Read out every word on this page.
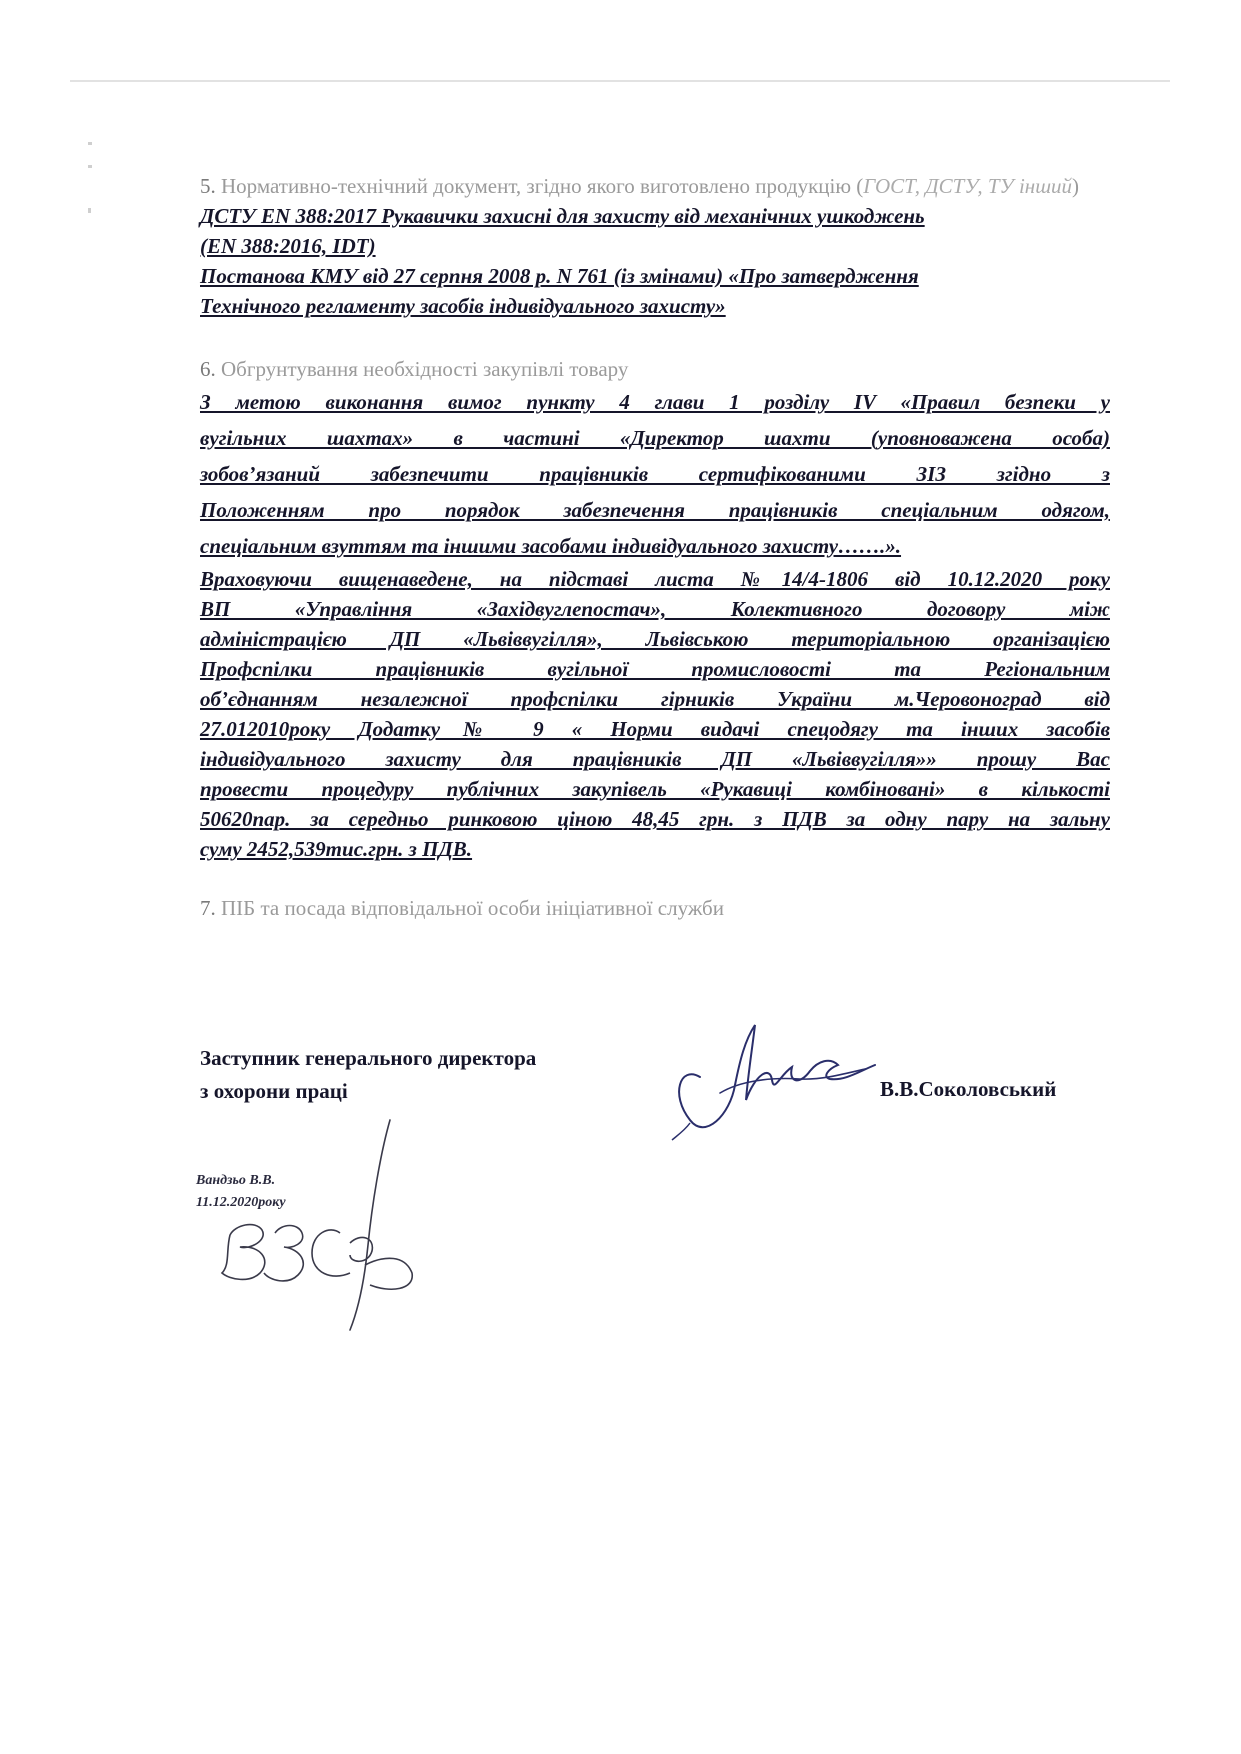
5. Нормативно-технічний документ, згідно якого виготовлено продукцію (ГОСТ, ДСТУ, ТУ інший)
ДСТУ EN 388:2017 Рукавички захисні для захисту від механічних ушкоджень
(EN 388:2016, IDT)
Постанова КМУ від 27 серпня 2008 р. N 761 (із змінами) «Про затвердження
Технічного регламенту засобів індивідуального захисту»
6. Обгрунтування необхідності закупівлі товару

З метою виконання вимог пункту 4 глави 1 розділу IV «Правил безпеки у

вугільних шахтах» в частині «Директор шахти (уповноважена особа)

зобов’язаний забезпечити працівників сертифікованими ЗІЗ згідно з

Положенням про порядок забезпечення працівників спеціальним одягом,

спеціальним взуттям та іншими засобами індивідуального захисту…….».

Враховуючи вищенаведене, на підставі листа №14/4-1806 від 10.12.2020 року

ВП «Управління «Західвуглепостач», Колективного договору між

адміністрацією ДП «Львіввугілля», Львівською територіальною організацією

Профспілки працівників вугільної промисловості та Регіональним

об’єднанням незалежної профспілки гірників України м.Черовоноград від

27.012010року Додатку№ 9 « Норми видачі спецодягу та інших засобів

індивідуального захисту для працівників ДП «Львіввугілля»» прошу Вас

провести процедуру публічних закупівель «Рукавиці комбіновані» в кількості

50620пар. за середньо ринковою ціною 48,45 грн. з ПДВ за одну пару на зальну

суму 2452,539тис.грн. з ПДВ.

7. ПІБ та посада відповідальної особи ініціативної служби
Заступник генерального директора
з охорони праці	В.В.Соколовський
Вандзьо В.В.
11.12.2020року
